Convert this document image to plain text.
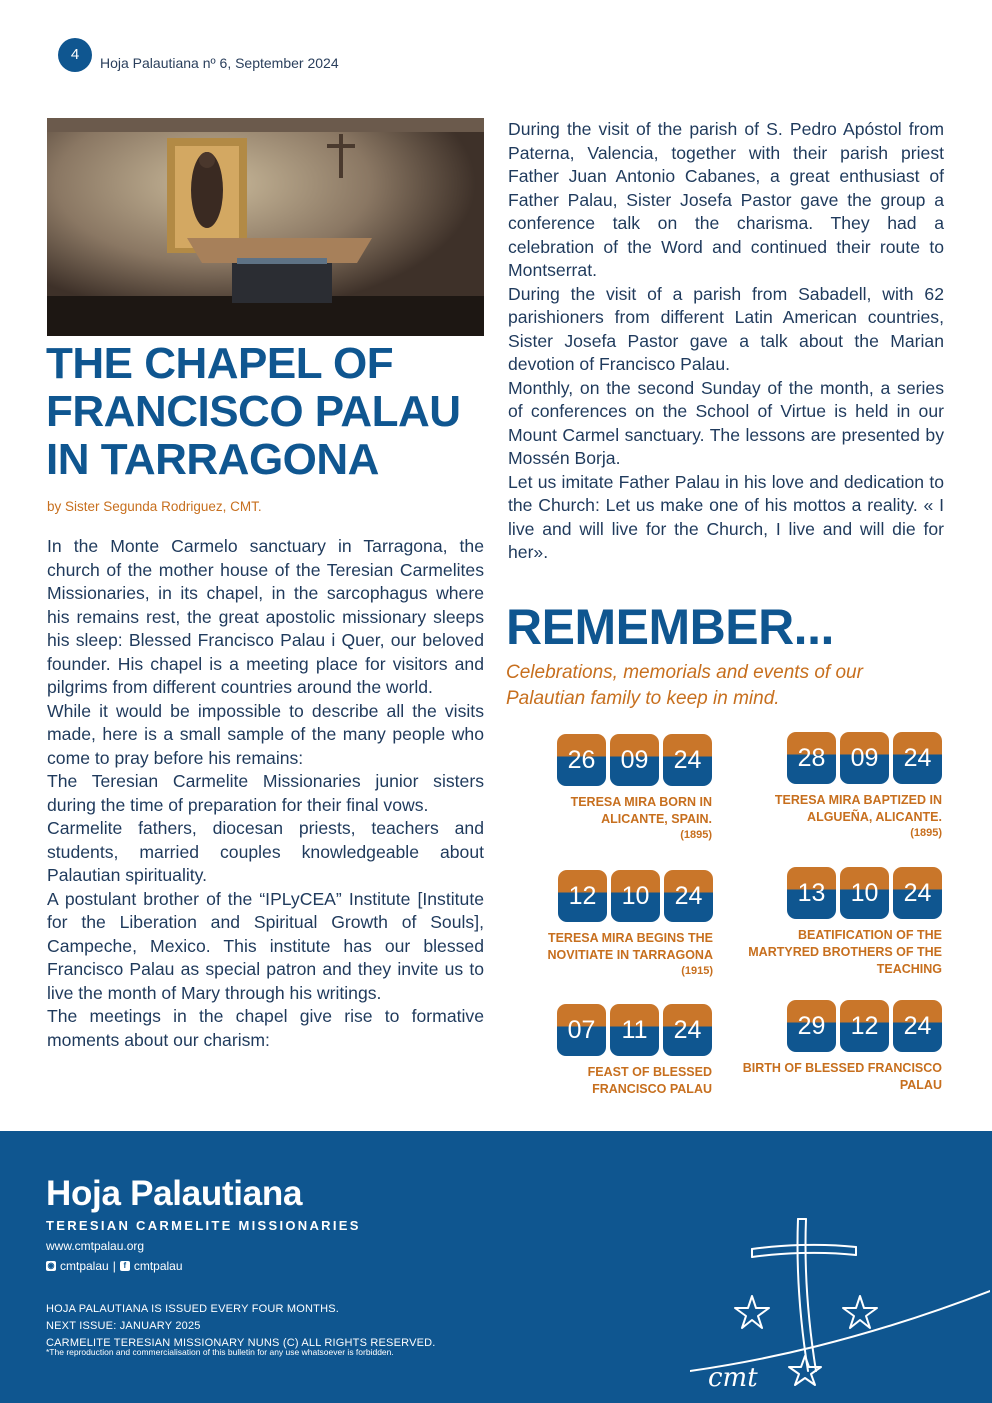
4	Hoja Palautiana nº 6, September 2024
THE CHAPEL OF
FRANCISCO PALAU
IN TARRAGONA
by Sister Segunda Rodriguez, CMT.

In the Monte Carmelo sanctuary in Tarragona, the church of the mother house of the Teresian Carmelites Missionaries, in its chapel, in the sarcophagus where his remains rest, the great apostolic missionary sleeps his sleep: Blessed Francisco Palau i Quer, our beloved founder. His chapel is a meeting place for visitors and pilgrims from different countries around the world.

While it would be impossible to describe all the visits made, here is a small sample of the many people who come to pray before his remains:

The Teresian Carmelite Missionaries junior sisters during the time of preparation for their final vows.

Carmelite fathers, diocesan priests, teachers and students, married couples knowledgeable about Palautian spirituality.

A postulant brother of the “IPLyCEA” Institute [Institute for the Liberation and Spiritual Growth of Souls], Campeche, Mexico. This institute has our blessed Francisco Palau as special patron and they invite us to live the month of Mary through his writings.

The meetings in the chapel give rise to formative moments about our charism:

During the visit of the parish of S. Pedro Apóstol from Paterna, Valencia, together with their parish priest Father Juan Antonio Cabanes, a great enthusiast of Father Palau, Sister Josefa Pastor gave the group a conference talk on the charisma. They had a celebration of the Word and continued their route to Montserrat.

During the visit of a parish from Sabadell, with 62 parishioners from different Latin American countries, Sister Josefa Pastor gave a talk about the Marian devotion of Francisco Palau.

Monthly, on the second Sunday of the month, a series of conferences on the School of Virtue is held in our Mount Carmel sanctuary. The lessons are presented by Mossén Borja.

Let us imitate Father Palau in his love and dedication to the Church: Let us make one of his mottos a reality. « I live and will live for the Church, I live and will die for her».

REMEMBER...
Celebrations, memorials and events of our Palautian family to keep in mind.
26	09	24
TERESA MIRA BORN IN ALICANTE, SPAIN.
(1895)
28	09	24
TERESA MIRA BAPTIZED IN ALGUEÑA, ALICANTE.
(1895)
12	10	24
TERESA MIRA BEGINS THE NOVITIATE IN TARRAGONA
(1915)
13	10	24
BEATIFICATION OF THE MARTYRED BROTHERS OF THE TEACHING
07	11	24
FEAST OF BLESSED FRANCISCO PALAU
29	12	24
BIRTH OF BLESSED FRANCISCO PALAU
Hoja Palautiana
TERESIAN CARMELITE MISSIONARIES
www.cmtpalau.org
◉ cmtpalau | f cmtpalau
HOJA PALAUTIANA IS ISSUED EVERY FOUR MONTHS.
NEXT ISSUE: JANUARY 2025
CARMELITE TERESIAN MISSIONARY NUNS (C) ALL RIGHTS RESERVED.
*The reproduction and commercialisation of this bulletin for any use whatsoever is forbidden.
cmt
